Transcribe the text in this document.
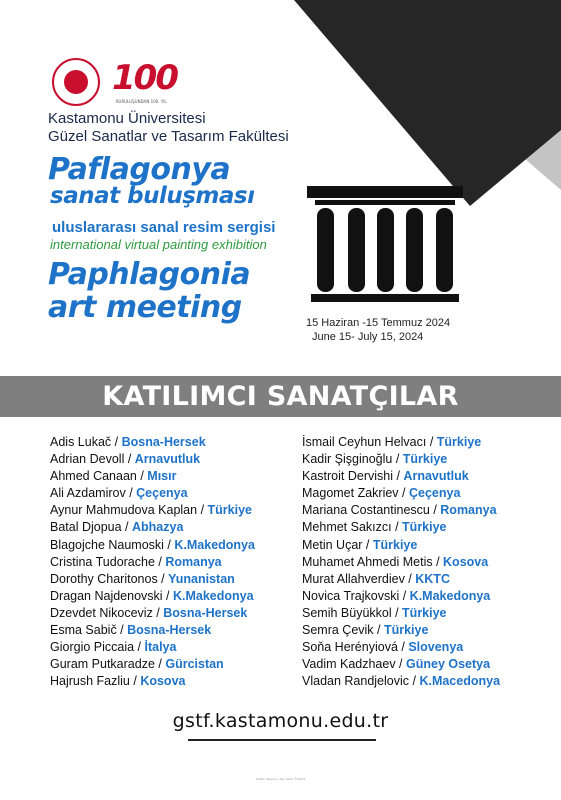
100
KURULUŞUNDAN 100. YIL
Kastamonu Üniversitesi
Güzel Sanatlar ve Tasarım Fakültesi
Paflagonya
sanat buluşması
uluslararası sanal resim sergisi
international virtual painting exhibition
Paphlagonia
art meeting	15 Haziran -15 Temmuz 2024
June 15- July 15, 2024
KATILIMCI SANATÇILAR
Adis Lukač / Bosna-Hersek
Adrian Devoll / Arnavutluk
Ahmed Canaan / Mısır
Ali Azdamirov / Çeçenya
Aynur Mahmudova Kaplan / Türkiye
Batal Djopua / Abhazya
Blagojche Naumoski / K.Makedonya
Cristina Tudorache / Romanya
Dorothy Charitonos / Yunanistan
Dragan Najdenovski / K.Makedonya
Dzevdet Nikoceviz / Bosna-Hersek
Esma Sabič / Bosna-Hersek
Giorgio Piccaia / İtalya
Guram Putkaradze / Gürcistan
Hajrush Fazliu / Kosova
İsmail Ceyhun Helvacı / Türkiye
Kadir Şişginoğlu / Türkiye
Kastroit Dervishi / Arnavutluk
Magomet Zakriev / Çeçenya
Mariana Costantinescu / Romanya
Mehmet Sakızcı / Türkiye
Metin Uçar / Türkiye
Muhamet Ahmedi Metis / Kosova
Murat Allahverdiev / KKTC
Novica Trajkovski / K.Makedonya
Semih Büyükkol / Türkiye
Semra Çevik / Türkiye
Soňa Herényiová / Slovenya
Vadim Kadzhaev / Güney Osetya
Vladan Randjelovic / K.Macedonya
gstf.kastamonu.edu.tr
Grafik Tasarım: Aslı Tekin ©2024
